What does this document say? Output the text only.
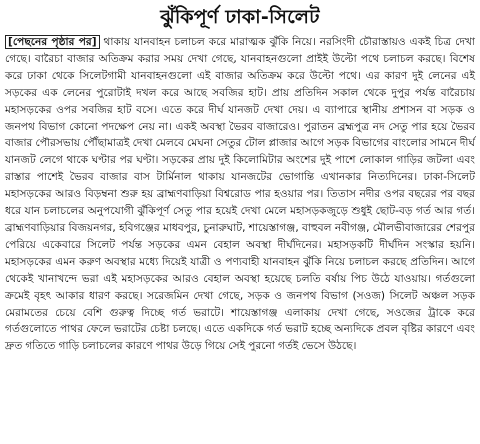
ঝুঁকিপূর্ণ ঢাকা-সিলেট

[পেছনের পৃষ্ঠার পর] থাকায় যানবাহন চলাচল করে মারাত্মক ঝুঁকি নিয়ে। নরসিংদী চৌরাস্তায়ও একই চিত্র দেখা গেছে। বারৈচা বাজার অতিক্রম করার সময় দেখা গেছে, যানবাহনগুলো প্রাইই উল্টো পথে চলাচল করছে। বিশেষ করে ঢাকা থেকে সিলেটগামী যানবাহনগুলো এই বাজার অতিক্রম করে উল্টো পথে। এর কারণ দুই লেনের এই সড়কের এক লেনের পুরোটাই দখল করে আছে সবজির হাট। প্রায় প্রতিদিন সকাল থেকে দুপুর পর্যন্ত বারৈচায় মহাসড়কের ওপর সবজির হাট বসে। এতে করে দীর্ঘ যানজট দেখা দেয়। এ ব্যাপারে স্থানীয় প্রশাসন বা সড়ক ও জনপথ বিভাগ কোনো পদক্ষেপ নেয় না। একই অবস্থা ভৈরব বাজারেও। পুরাতন ব্রহ্মপুত্র নদ সেতু পার হয়ে ভৈরব বাজার পৌরসভায় পৌঁছামাত্রই দেখা মেলবে মেঘনা সেতুর টোল প্লাজার আগে সড়ক বিভাগের বাংলোর সামনে দীর্ঘ যানজট লেগে থাকে ঘণ্টার পর ঘণ্টা। সড়কের প্রায় দুই কিলোমিটার অংশের দুই পাশে লোকাল গাড়ির জটলা এবং রাস্তার পাশেই ভৈরব বাজার বাস টার্মিনাল থাকায় যানজটের ভোগান্তি এখানকার নিত্যদিনের। ঢাকা-সিলেট মহাসড়কের আরও বিড়ম্বনা শুরু হয় ব্রাহ্মণবাড়িয়া বিশ্বরোড পার হওয়ার পর। তিতাস নদীর ওপর বছরের পর বছর ধরে যান চলাচলের অনুপযোগী ঝুঁকিপূর্ণ সেতু পার হয়েই দেখা মেলে মহাসড়কজুড়ে শুধুই ছোট-বড় গর্ত আর গর্ত। ব্রাহ্মণবাড়িয়ার বিজয়নগর, হবিগঞ্জের মাধবপুর, চুনারুঘাট, শায়েস্তাগঞ্জ, বাহুবল নবীগঞ্জ, মৌলভীবাজারের শেরপুর পেরিয়ে একেবারে সিলেট পর্যন্ত সড়কের এমন বেহাল অবস্থা দীর্ঘদিনের। মহাসড়কটি দীর্ঘদিন সংস্কার হয়নি। মহাসড়কের এমন করুণ অবস্থার মধ্যে দিয়েই যাত্রী ও পণ্যবাহী যানবাহন ঝুঁকি নিয়ে চলাচল করছে প্রতিদিন। আগে থেকেই খানাখন্দে ভরা এই মহাসড়কের আরও বেহাল অবস্থা হয়েছে চলতি বর্ষায় পিচ উঠে যাওয়ায়। গর্তগুলো ক্রমেই বৃহৎ আকার ধারণ করছে। সরেজমিন দেখা গেছে, সড়ক ও জনপথ বিভাগ (সওজ) সিলেট অঞ্চল সড়ক মেরামতের চেয়ে বেশি গুরুত্ব দিচ্ছে গর্ত ভরাটে। শায়েস্তাগঞ্জ এলাকায় দেখা গেছে, সওজের ট্রাকে করে গর্তগুলোতে পাথর ফেলে ভরাটের চেষ্টা চলছে। এতে একদিকে গর্ত ভরাট হচ্ছে অন্যদিকে প্রবল বৃষ্টির কারণে এবং দ্রুত গতিতে গাড়ি চলাচলের কারণে পাথর উড়ে গিয়ে সেই পুরনো গর্তই ভেসে উঠছে।
